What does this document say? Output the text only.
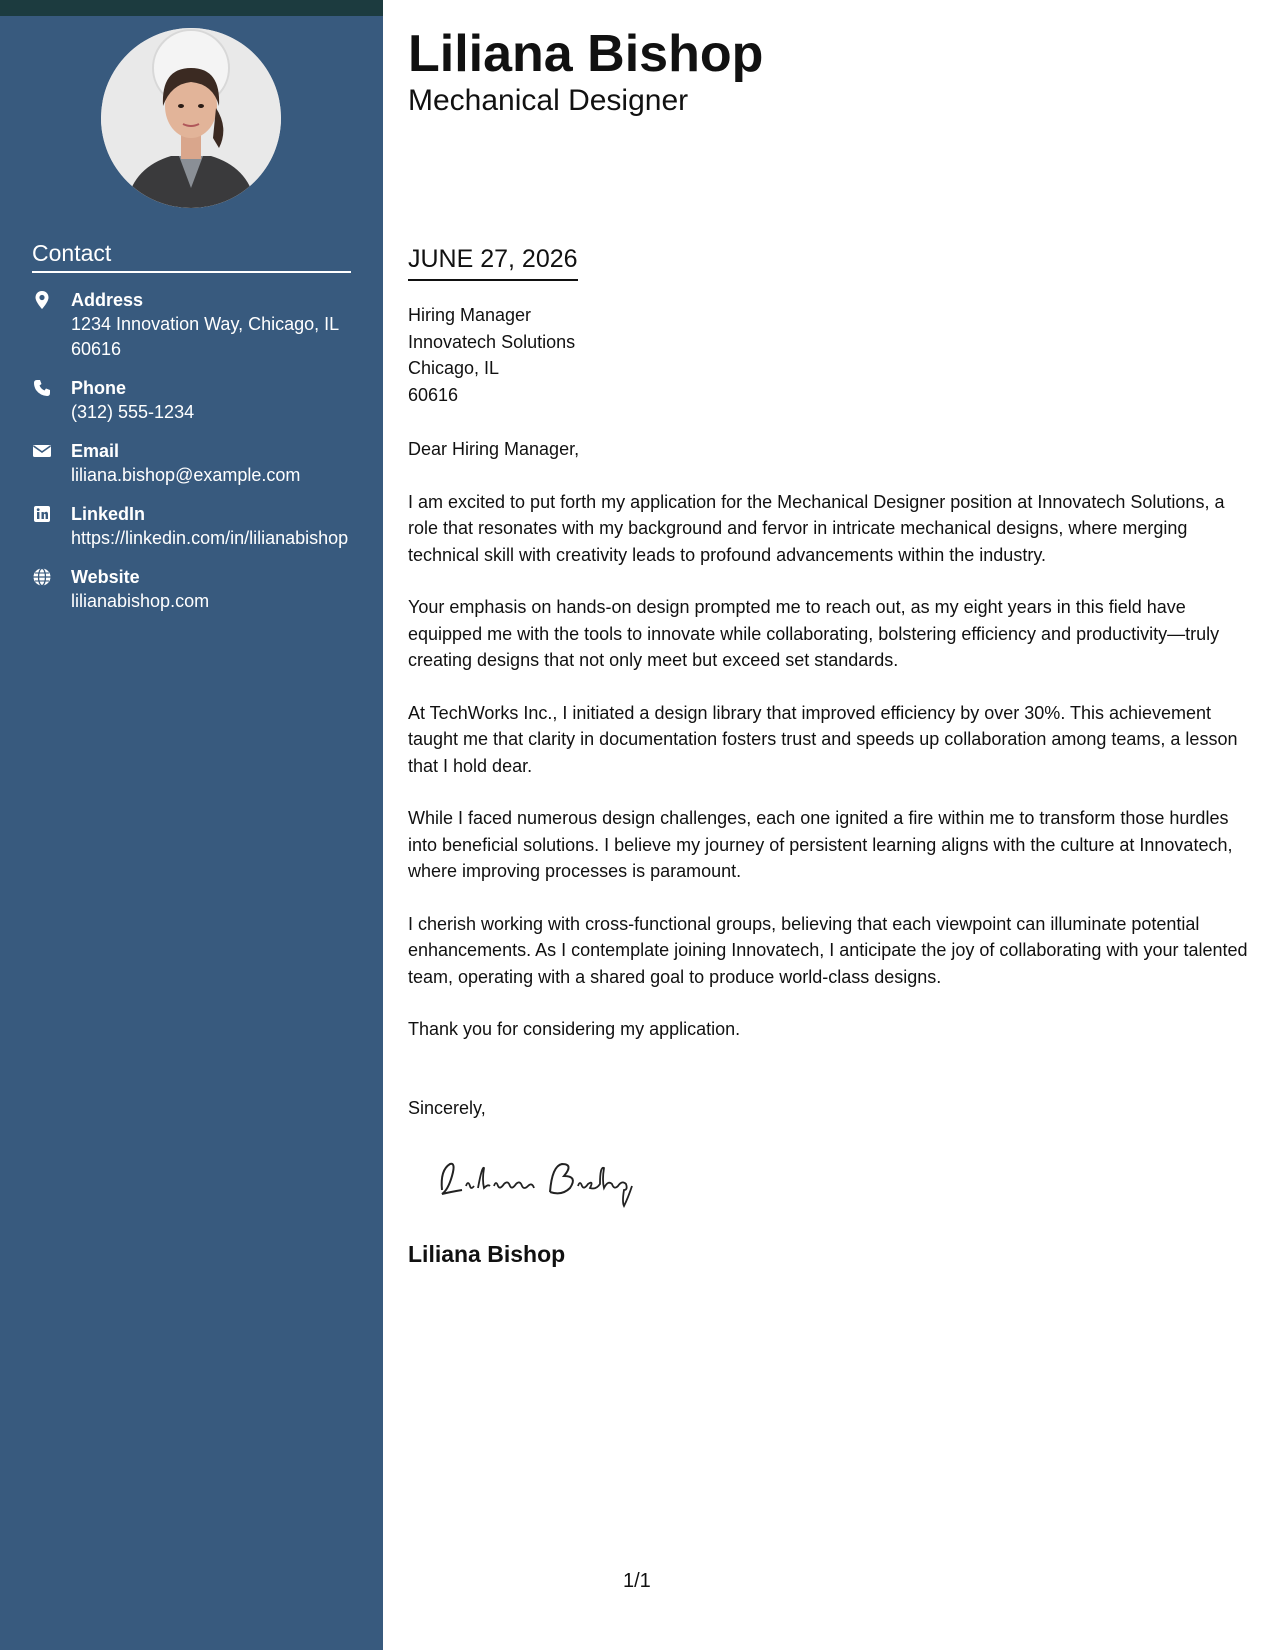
Contact
Address
1234 Innovation Way, Chicago, IL 60616
Phone
(312) 555-1234
Email
liliana.bishop@example.com
LinkedIn
https://linkedin.com/in/lilianabishop
Website
lilianabishop.com
Liliana Bishop
Mechanical Designer
JUNE 27, 2026
Hiring Manager
Innovatech Solutions
Chicago, IL
60616

Dear Hiring Manager,

I am excited to put forth my application for the Mechanical Designer position at Innovatech Solutions, a role that resonates with my background and fervor in intricate mechanical designs, where merging technical skill with creativity leads to profound advancements within the industry.

Your emphasis on hands-on design prompted me to reach out, as my eight years in this field have equipped me with the tools to innovate while collaborating, bolstering efficiency and productivity—truly creating designs that not only meet but exceed set standards.

At TechWorks Inc., I initiated a design library that improved efficiency by over 30%. This achievement taught me that clarity in documentation fosters trust and speeds up collaboration among teams, a lesson that I hold dear.

While I faced numerous design challenges, each one ignited a fire within me to transform those hurdles into beneficial solutions. I believe my journey of persistent learning aligns with the culture at Innovatech, where improving processes is paramount.

I cherish working with cross-functional groups, believing that each viewpoint can illuminate potential enhancements. As I contemplate joining Innovatech, I anticipate the joy of collaborating with your talented team, operating with a shared goal to produce world-class designs.

Thank you for considering my application.

Sincerely,
Liliana Bishop
1/1
